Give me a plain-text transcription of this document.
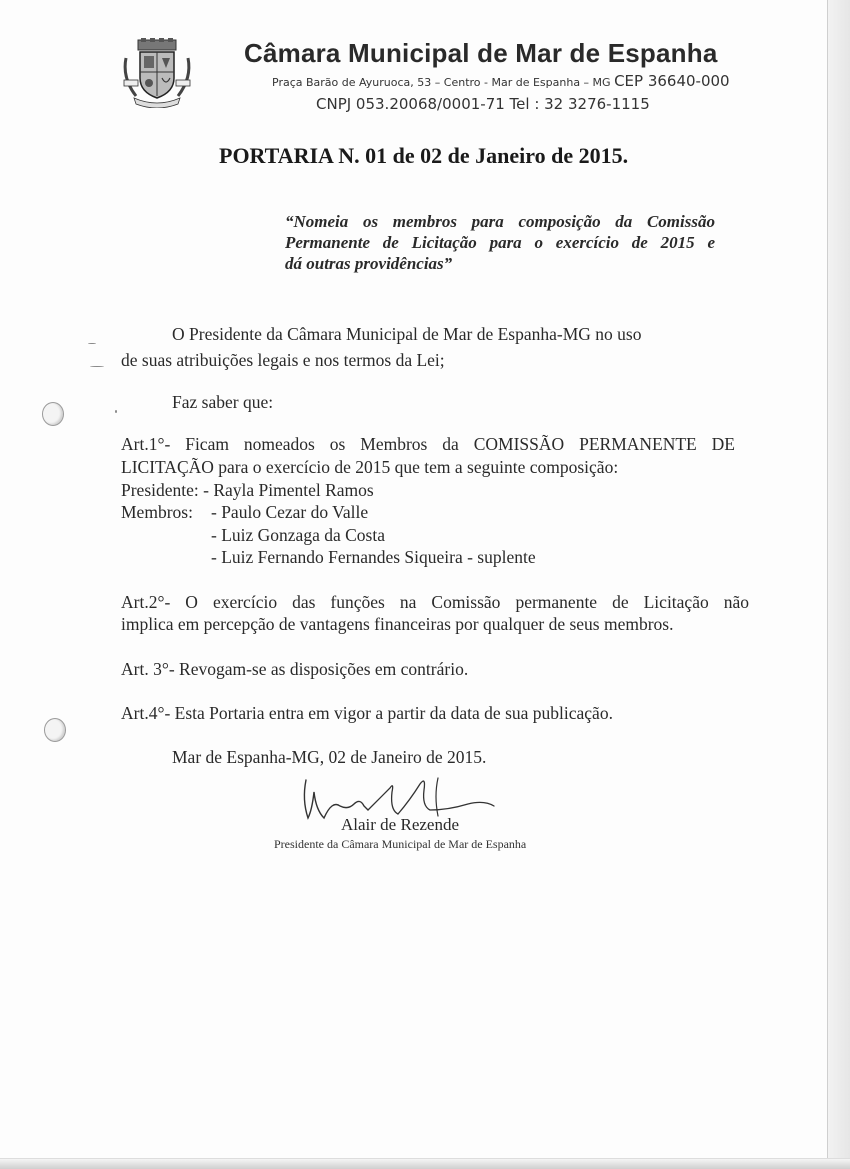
Câmara Municipal de Mar de Espanha
Praça Barão de Ayuruoca, 53 – Centro - Mar de Espanha – MG CEP 36640-000
CNPJ 053.20068/0001-71 Tel : 32 3276-1115
PORTARIA N. 01 de 02 de Janeiro de 2015.
“Nomeia os membros para composição da Comissão
Permanente de Licitação para o exercício de 2015 e
dá outras providências”
O Presidente da Câmara Municipal de Mar de Espanha-MG no uso
de suas atribuições legais e nos termos da Lei;
Faz saber que:
Art.1°- Ficam nomeados os Membros da COMISSÃO PERMANENTE DE
LICITAÇÃO para o exercício de 2015 que tem a seguinte composição:
Presidente: - Rayla Pimentel Ramos
Membros: - Paulo Cezar do Valle
- Luiz Gonzaga da Costa
- Luiz Fernando Fernandes Siqueira - suplente
Art.2°- O exercício das funções na Comissão permanente de Licitação não
implica em percepção de vantagens financeiras por qualquer de seus membros.
Art. 3°- Revogam-se as disposições em contrário.
Art.4°- Esta Portaria entra em vigor a partir da data de sua publicação.
Mar de Espanha-MG, 02 de Janeiro de 2015.
Alair de Rezende
Presidente da Câmara Municipal de Mar de Espanha
